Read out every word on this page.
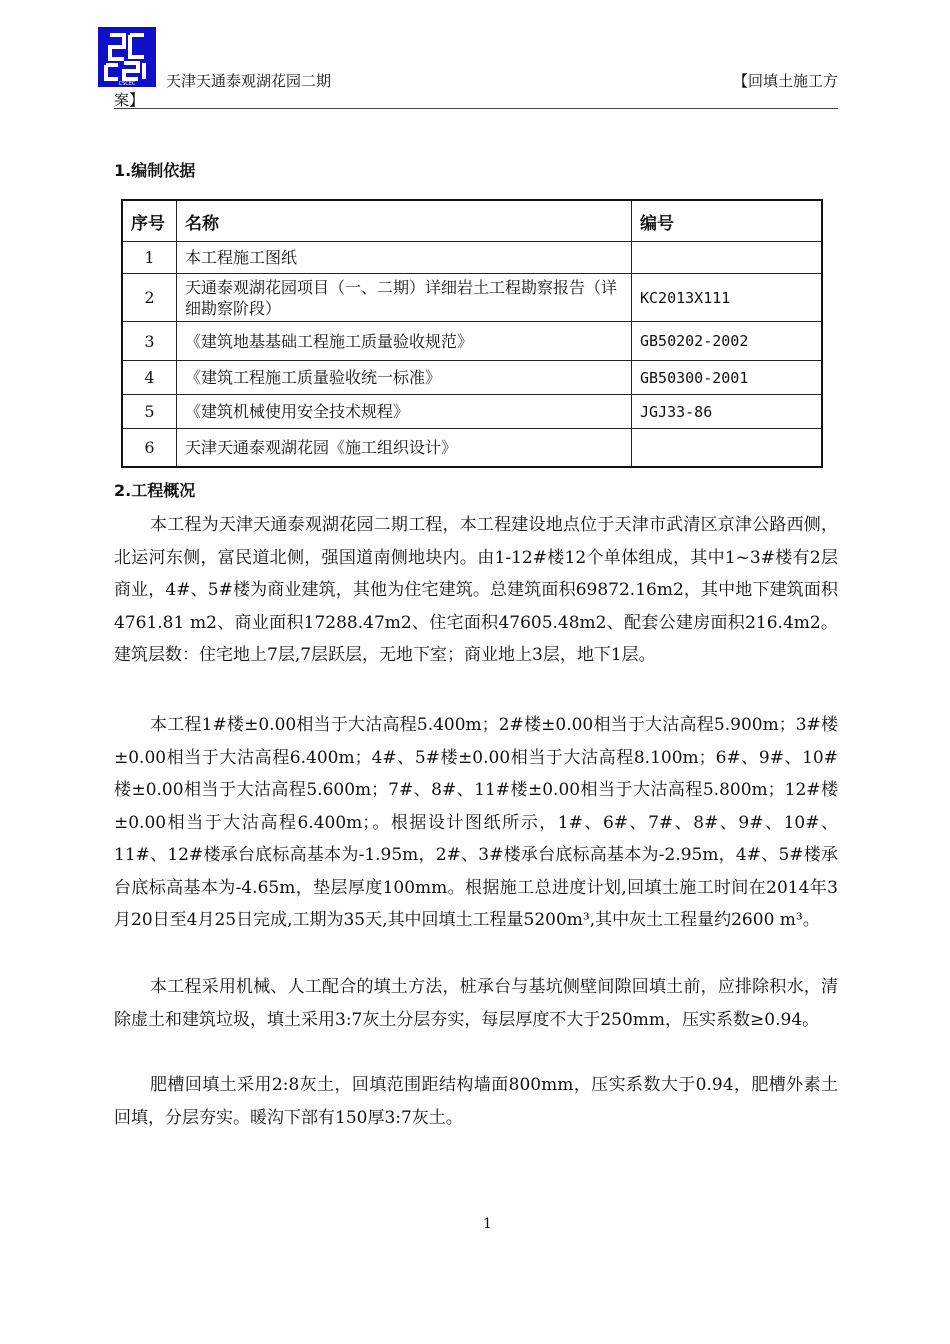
CSCEC 天津天通泰观湖花园二期	【回填土施工方
案】
1.编制依据
序号	名称	编号
1	本工程施工图纸	
2	天通泰观湖花园项目（一、二期）详细岩土工程勘察报告（详细勘察阶段）	KC2013X111
3	《建筑地基基础工程施工质量验收规范》	GB50202-2002
4	《建筑工程施工质量验收统一标准》	GB50300-2001
5	《建筑机械使用安全技术规程》	JGJ33-86
6	天津天通泰观湖花园《施工组织设计》	
2.工程概况

本工程为天津天通泰观湖花园二期工程，本工程建设地点位于天津市武清区京津公路西侧，北运河东侧，富民道北侧，强国道南侧地块内。由1-12#楼12个单体组成，其中1~3#楼有2层商业，4#、5#楼为商业建筑，其他为住宅建筑。总建筑面积69872.16m2，其中地下建筑面积4761.81 m2、商业面积17288.47m2、住宅面积47605.48m2、配套公建房面积216.4m2。建筑层数：住宅地上7层,7层跃层，无地下室；商业地上3层，地下1层。

本工程1#楼±0.00相当于大沽高程5.400m；2#楼±0.00相当于大沽高程5.900m；3#楼±0.00相当于大沽高程6.400m；4#、5#楼±0.00相当于大沽高程8.100m；6#、9#、10#楼±0.00相当于大沽高程5.600m；7#、8#、11#楼±0.00相当于大沽高程5.800m；12#楼±0.00相当于大沽高程6.400m；。根据设计图纸所示，1#、6#、7#、8#、9#、10#、11#、12#楼承台底标高基本为-1.95m，2#、3#楼承台底标高基本为-2.95m，4#、5#楼承台底标高基本为-4.65m，垫层厚度100mm。根据施工总进度计划,回填土施工时间在2014年3月20日至4月25日完成,工期为35天,其中回填土工程量5200m³,其中灰土工程量约2600 m³。

本工程采用机械、人工配合的填土方法，桩承台与基坑侧壁间隙回填土前，应排除积水，清除虚土和建筑垃圾，填土采用3:7灰土分层夯实，每层厚度不大于250mm，压实系数≥0.94。

肥槽回填土采用2:8灰土，回填范围距结构墙面800mm，压实系数大于0.94，肥槽外素土回填，分层夯实。暖沟下部有150厚3:7灰土。

1
